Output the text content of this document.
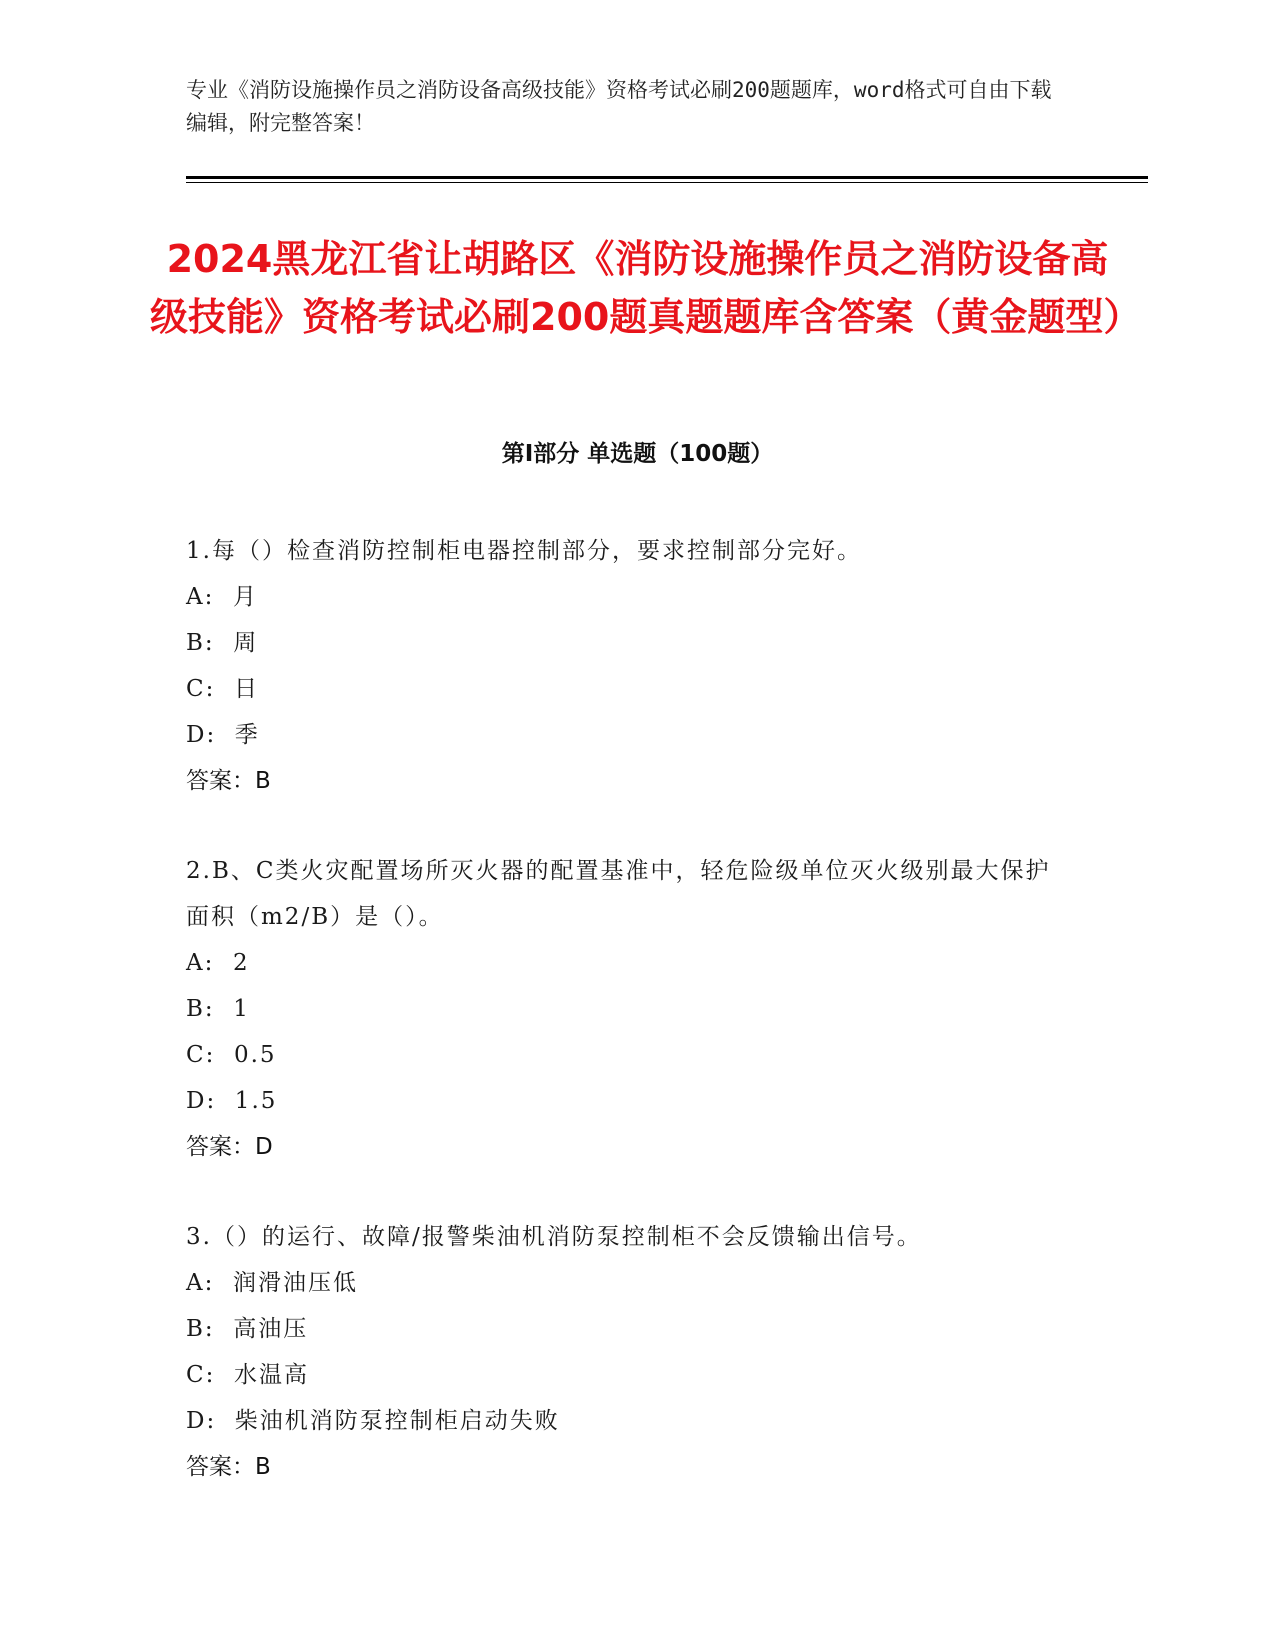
专业《消防设施操作员之消防设备高级技能》资格考试必刷200题题库，word格式可自由下载编辑，附完整答案！
2024黑龙江省让胡路区《消防设施操作员之消防设备高级技能》资格考试必刷200题真题题库含答案（黄金题型）
第Ⅰ部分 单选题（100题）
1.每（）检查消防控制柜电器控制部分，要求控制部分完好。
A:  月
B:  周
C:  日
D:  季
答案：B
2.B、C类火灾配置场所灭火器的配置基准中，轻危险级单位灭火级别最大保护面积（m2/B）是（）。
A:  2
B:  1
C:  0.5
D:  1.5
答案：D
3.（）的运行、故障/报警柴油机消防泵控制柜不会反馈输出信号。
A:  润滑油压低
B:  高油压
C:  水温高
D:  柴油机消防泵控制柜启动失败
答案：B
